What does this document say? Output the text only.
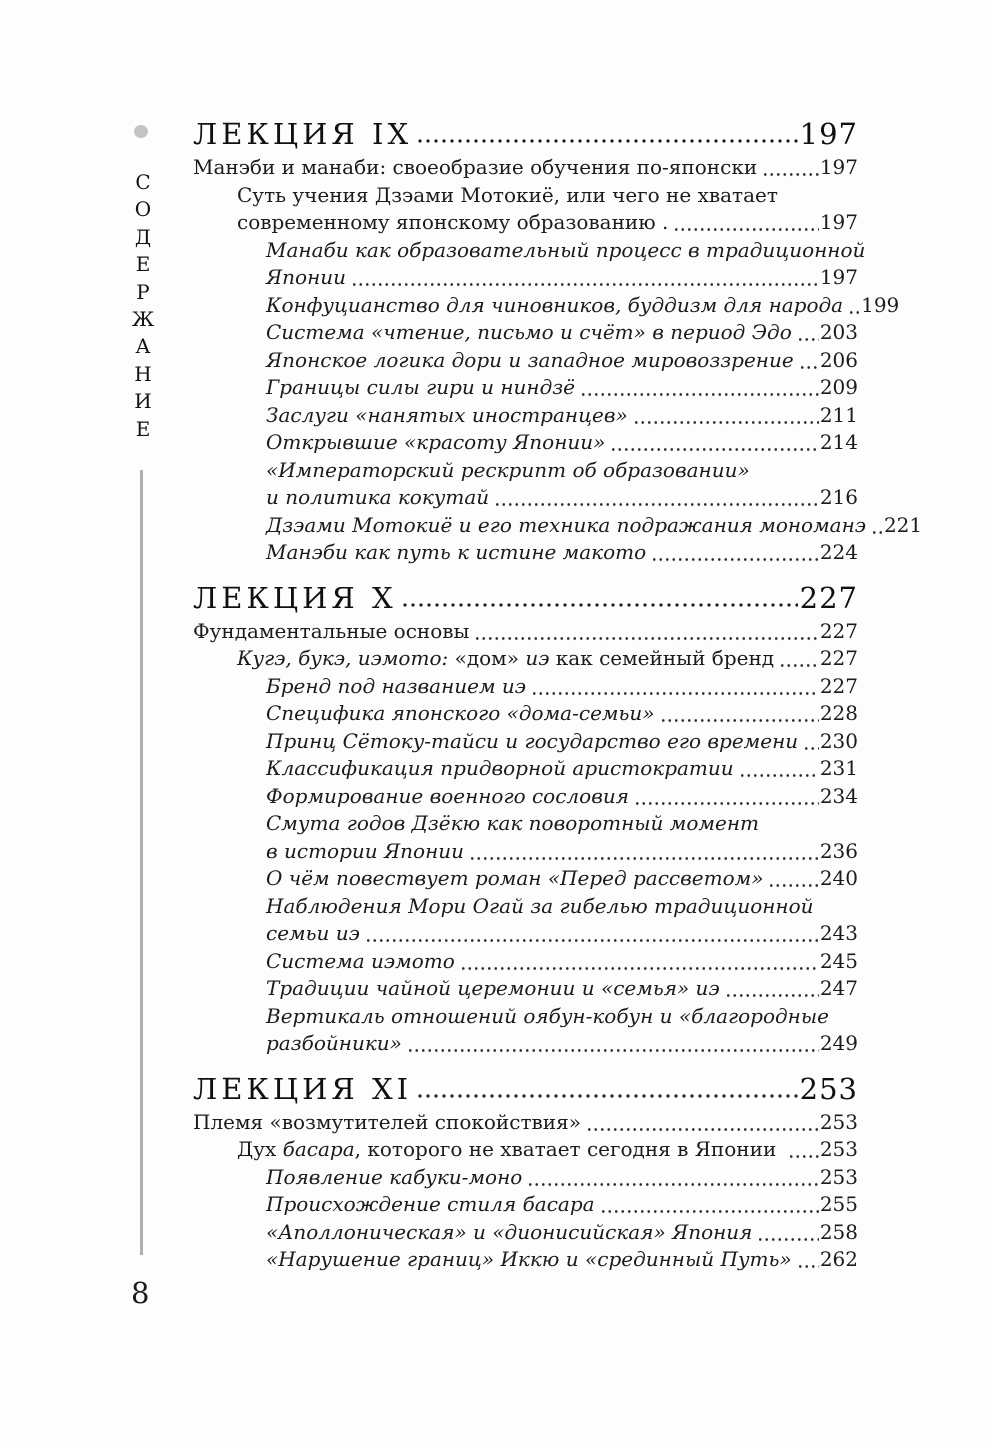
С
О
Д
Е
Р
Ж
А
Н
И
Е
8
ЛЕКЦИЯ IX	197
Манэби и манаби: своеобразие обучения по-японски	197
Суть учения Дзэами Мотокиё, или чего не хватает
современному японскому образованию .	197
Манаби как образовательный процесс в традиционной
Японии	197
Конфуцианство для чиновников, буддизм для народа 199
Система «чтение, письмо и счёт» в период Эдо 203
Японское логика дори и западное мировоззрение 206
Границы силы гири и ниндзё	209
Заслуги «нанятых иностранцев»	211
Открывшие «красоту Японии»	214
«Императорский рескрипт об образовании»
и политика кокутай	216
Дзэами Мотокиё и его техника подражания мономанэ 221
Манэби как путь к истине макото	224
ЛЕКЦИЯ X	227
Фундаментальные основы	227
Кугэ, букэ, иэмото: «дом» иэ как семейный бренд 227
Бренд под названием иэ	227
Специфика японского «дома-семьи»	228
Принц Сётоку-тайси и государство его времени 230
Классификация придворной аристократии	231
Формирование военного сословия	234
Смута годов Дзёкю как поворотный момент
в истории Японии	236
О чём повествует роман «Перед рассветом»	240
Наблюдения Мори Огай за гибелью традиционной
семьи иэ	243
Система иэмото	245
Традиции чайной церемонии и «семья» иэ	247
Вертикаль отношений оябун-кобун и «благородные
разбойники»	249
ЛЕКЦИЯ XI	253
Племя «возмутителей спокойствия»	253
Дух басара, которого не хватает сегодня в Японии 253
Появление кабуки-моно	253
Происхождение стиля басара	255
«Аполлоническая» и «дионисийская» Япония	258
«Нарушение границ» Иккю и «срединный Путь» 262
